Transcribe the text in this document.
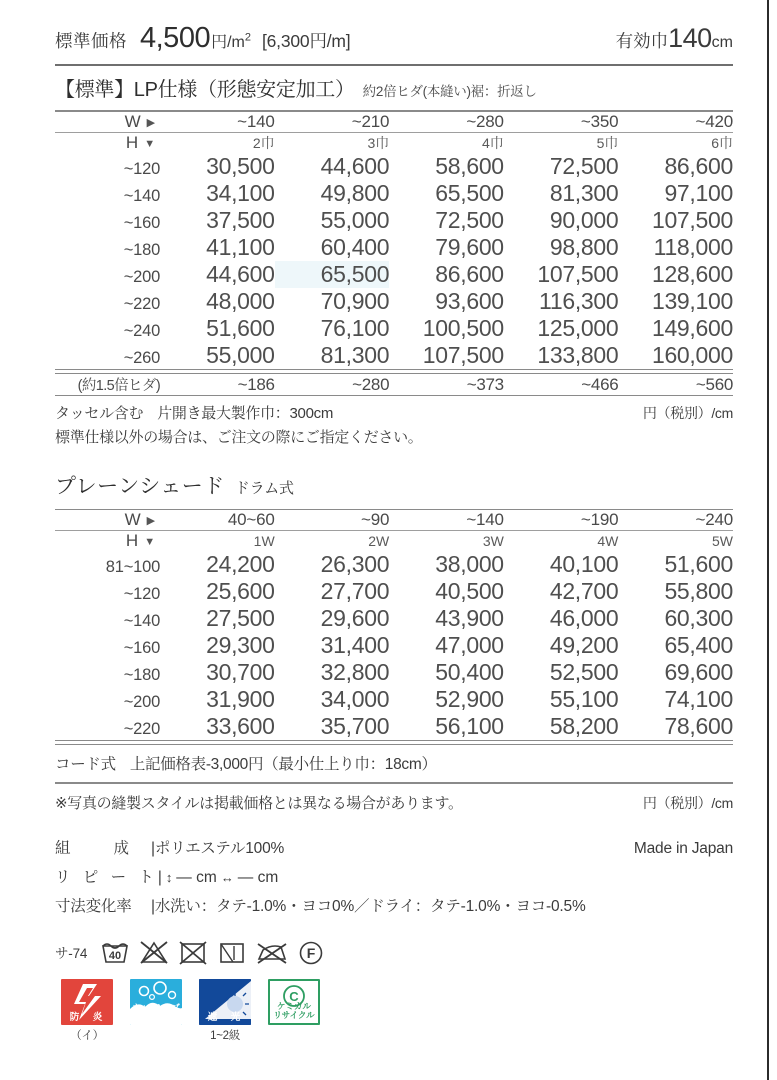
標準価格 4,500 円$/m^2$ [6,300円/m]	有効巾140cm
【標準】LP仕様（形態安定加工） 約2倍ヒダ(本縫い)裾：折返し
W ▶	~140	~210	~280	~350	~420
H ▼	2巾	3巾	4巾	5巾	6巾
~120	30,500	44,600	58,600	72,500	86,600
~140	34,100	49,800	65,500	81,300	97,100
~160	37,500	55,000	72,500	90,000	107,500
~180	41,100	60,400	79,600	98,800	118,000
~200	44,600	65,500	86,600	107,500	128,600
~220	48,000	70,900	93,600	116,300	139,100
~240	51,600	76,100	100,500	125,000	149,600
~260	55,000	81,300	107,500	133,800	160,000
(約1.5倍ヒダ)	~186	~280	~373	~466	~560
タッセル含む 片開き最大製作巾：300cm	円（税別）/cm
標準仕様以外の場合は、ご注文の際にご指定ください。
プレーンシェード ドラム式
W ▶	40~60	~90	~140	~190	~240
H ▼	1W	2W	3W	4W	5W
81~100	24,200	26,300	38,000	40,100	51,600
~120	25,600	27,700	40,500	42,700	55,800
~140	27,500	29,600	43,900	46,000	60,300
~160	29,300	31,400	47,000	49,200	65,400
~180	30,700	32,800	50,400	52,500	69,600
~200	31,900	34,000	52,900	55,100	74,100
~220	33,600	35,700	56,100	58,200	78,600
コード式 上記価格表-3,000円（最小仕上り巾：18cm）
※写真の縫製スタイルは掲載価格とは異なる場合があります。	円（税別）/cm
組　　成 |ポリエステル100%	Made in Japan
リ ピ ー ト| ↕ — cm ↔ — cm
寸法変化率 |水洗い：タテ-1.0%・ヨコ0%／ドライ：タテ-1.0%・ヨコ-0.5%
サ-74 40	F
防　炎
（イ）
ウォッシャブル	遮　光
1~2級
C
ケミカル
リサイクル
